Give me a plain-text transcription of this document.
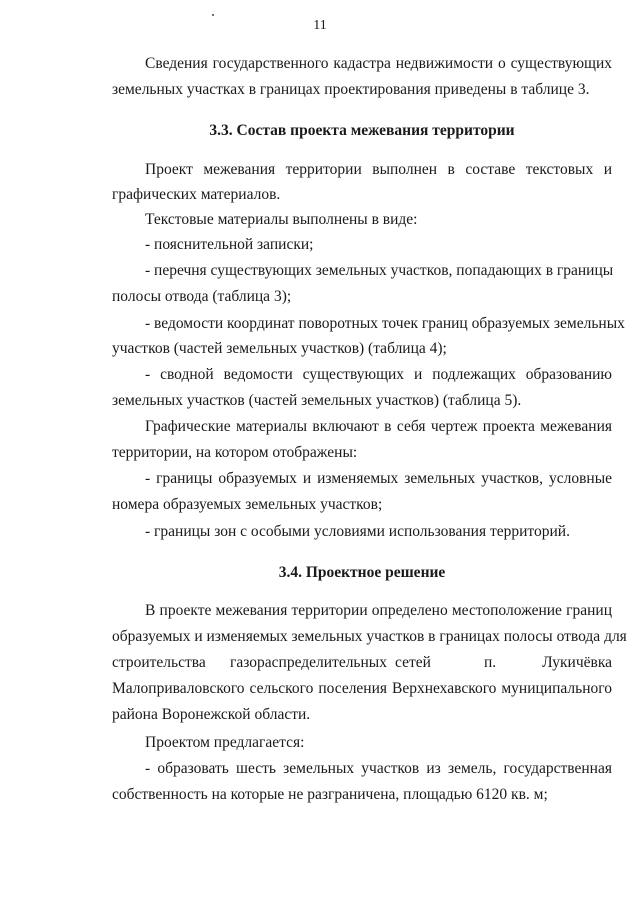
11
Сведения государственного кадастра недвижимости о существующих
земельных участках в границах проектирования приведены в таблице 3.
3.3. Состав проекта межевания территории
Проект межевания территории выполнен в составе текстовых и
графических материалов.
Текстовые материалы выполнены в виде:
- пояснительной записки;
- перечня существующих земельных участков, попадающих в границы
полосы отвода (таблица 3);
- ведомости координат поворотных точек границ образуемых земельных
участков (частей земельных участков) (таблица 4);
- сводной ведомости существующих и подлежащих образованию
земельных участков (частей земельных участков) (таблица 5).
Графические материалы включают в себя чертеж проекта межевания
территории, на котором отображены:
- границы образуемых и изменяемых земельных участков, условные
номера образуемых земельных участков;
- границы зон с особыми условиями использования территорий.
3.4. Проектное решение
В проекте межевания территории определено местоположение границ
образуемых и изменяемых земельных участков в границах полосы отвода для
строительства газораспределительных сетей	п.	Лукичёвка
Малоприваловского сельского поселения Верхнехавского муниципального
района Воронежской области.
Проектом предлагается:
- образовать шесть земельных участков из земель, государственная
собственность на которые не разграничена, площадью 6120 кв. м;
